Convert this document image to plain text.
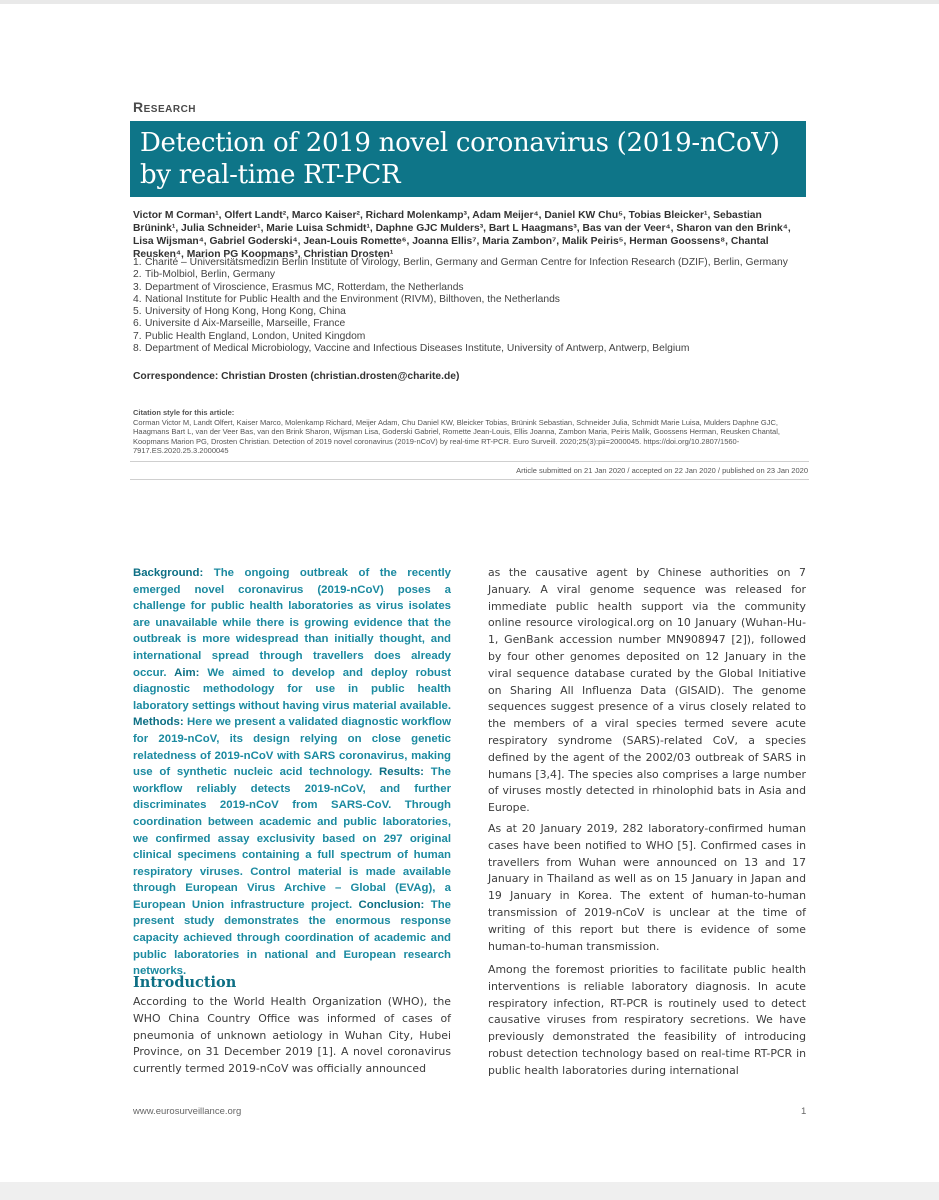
Research
Detection of 2019 novel coronavirus (2019-nCoV) by real-time RT-PCR
Victor M Corman¹, Olfert Landt², Marco Kaiser², Richard Molenkamp³, Adam Meijer⁴, Daniel KW Chu⁵, Tobias Bleicker¹, Sebastian Brünink¹, Julia Schneider¹, Marie Luisa Schmidt¹, Daphne GJC Mulders³, Bart L Haagmans³, Bas van der Veer⁴, Sharon van den Brink⁴, Lisa Wijsman⁴, Gabriel Goderski⁴, Jean-Louis Romette⁶, Joanna Ellis⁷, Maria Zambon⁷, Malik Peiris⁵, Herman Goossens⁸, Chantal Reusken⁴, Marion PG Koopmans³, Christian Drosten¹
1. Charité – Universitätsmedizin Berlin Institute of Virology, Berlin, Germany and German Centre for Infection Research (DZIF), Berlin, Germany
2. Tib-Molbiol, Berlin, Germany
3. Department of Viroscience, Erasmus MC, Rotterdam, the Netherlands
4. National Institute for Public Health and the Environment (RIVM), Bilthoven, the Netherlands
5. University of Hong Kong, Hong Kong, China
6. Universite d Aix-Marseille, Marseille, France
7. Public Health England, London, United Kingdom
8. Department of Medical Microbiology, Vaccine and Infectious Diseases Institute, University of Antwerp, Antwerp, Belgium
Correspondence: Christian Drosten (christian.drosten@charite.de)
Citation style for this article:
Corman Victor M, Landt Olfert, Kaiser Marco, Molenkamp Richard, Meijer Adam, Chu Daniel KW, Bleicker Tobias, Brünink Sebastian, Schneider Julia, Schmidt Marie Luisa, Mulders Daphne GJC, Haagmans Bart L, van der Veer Bas, van den Brink Sharon, Wijsman Lisa, Goderski Gabriel, Romette Jean-Louis, Ellis Joanna, Zambon Maria, Peiris Malik, Goossens Herman, Reusken Chantal, Koopmans Marion PG, Drosten Christian. Detection of 2019 novel coronavirus (2019-nCoV) by real-time RT-PCR. Euro Surveill. 2020;25(3):pii=2000045. https://doi.org/10.2807/1560-7917.ES.2020.25.3.2000045
Article submitted on 21 Jan 2020 / accepted on 22 Jan 2020 / published on 23 Jan 2020
Background: The ongoing outbreak of the recently emerged novel coronavirus (2019-nCoV) poses a challenge for public health laboratories as virus isolates are unavailable while there is growing evidence that the outbreak is more widespread than initially thought, and international spread through travellers does already occur. Aim: We aimed to develop and deploy robust diagnostic methodology for use in public health laboratory settings without having virus material available. Methods: Here we present a validated diagnostic workflow for 2019-nCoV, its design relying on close genetic relatedness of 2019-nCoV with SARS coronavirus, making use of synthetic nucleic acid technology. Results: The workflow reliably detects 2019-nCoV, and further discriminates 2019-nCoV from SARS-CoV. Through coordination between academic and public laboratories, we confirmed assay exclusivity based on 297 original clinical specimens containing a full spectrum of human respiratory viruses. Control material is made available through European Virus Archive – Global (EVAg), a European Union infrastructure project. Conclusion: The present study demonstrates the enormous response capacity achieved through coordination of academic and public laboratories in national and European research networks.
Introduction

According to the World Health Organization (WHO), the WHO China Country Office was informed of cases of pneumonia of unknown aetiology in Wuhan City, Hubei Province, on 31 December 2019 [1]. A novel coronavirus currently termed 2019-nCoV was officially announced

as the causative agent by Chinese authorities on 7 January. A viral genome sequence was released for immediate public health support via the community online resource virological.org on 10 January (Wuhan-Hu-1, GenBank accession number MN908947 [2]), followed by four other genomes deposited on 12 January in the viral sequence database curated by the Global Initiative on Sharing All Influenza Data (GISAID). The genome sequences suggest presence of a virus closely related to the members of a viral species termed severe acute respiratory syndrome (SARS)-related CoV, a species defined by the agent of the 2002/03 outbreak of SARS in humans [3,4]. The species also comprises a large number of viruses mostly detected in rhinolophid bats in Asia and Europe.

As at 20 January 2019, 282 laboratory-confirmed human cases have been notified to WHO [5]. Confirmed cases in travellers from Wuhan were announced on 13 and 17 January in Thailand as well as on 15 January in Japan and 19 January in Korea. The extent of human-to-human transmission of 2019-nCoV is unclear at the time of writing of this report but there is evidence of some human-to-human transmission.

Among the foremost priorities to facilitate public health interventions is reliable laboratory diagnosis. In acute respiratory infection, RT-PCR is routinely used to detect causative viruses from respiratory secretions. We have previously demonstrated the feasibility of introducing robust detection technology based on real-time RT-PCR in public health laboratories during international

www.eurosurveillance.org	1
